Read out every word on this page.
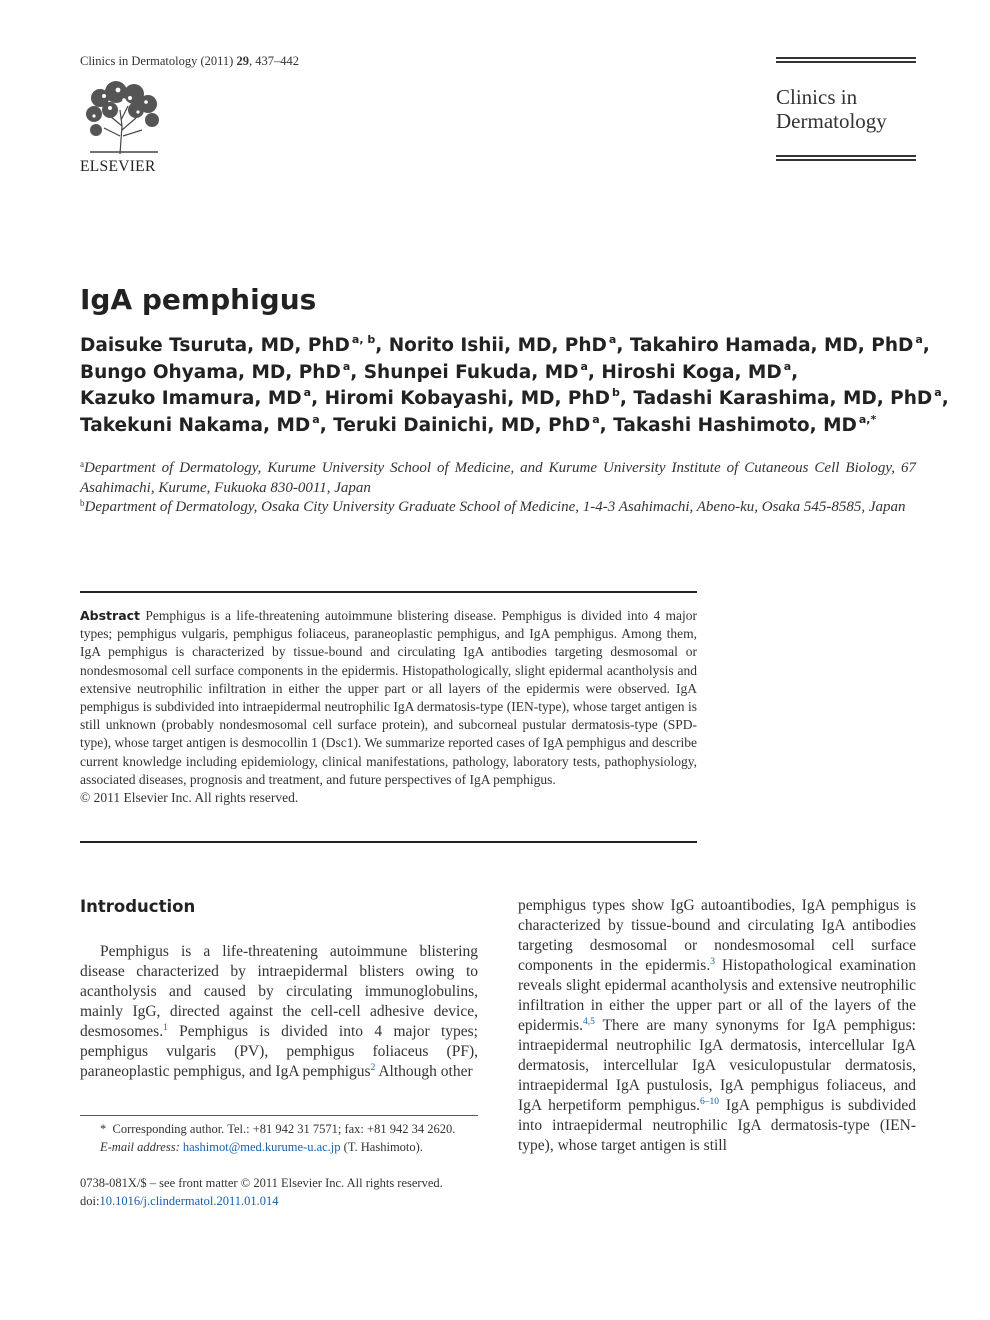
Clinics in Dermatology (2011) 29, 437–442
ELSEVIER
Clinics in
Dermatology
IgA pemphigus
Daisuke Tsuruta, MD, PhD $^{a, b}$, Norito Ishii, MD, PhD $^a$, Takahiro Hamada, MD, PhD $^a$,
Bungo Ohyama, MD, PhD $^a$, Shunpei Fukuda, MD $^a$, Hiroshi Koga, MD $^a$,
Kazuko Imamura, MD $^a$, Hiromi Kobayashi, MD, PhD $^b$, Tadashi Karashima, MD, PhD $^a$,
Takekuni Nakama, MD $^a$, Teruki Dainichi, MD, PhD $^a$, Takashi Hashimoto, MD $^{a,*}$
$^a$Department of Dermatology, Kurume University School of Medicine, and Kurume University Institute of Cutaneous Cell Biology, 67 Asahimachi, Kurume, Fukuoka 830-0011, Japan
$^b$Department of Dermatology, Osaka City University Graduate School of Medicine, 1-4-3 Asahimachi, Abeno-ku, Osaka 545-8585, Japan
Abstract Pemphigus is a life-threatening autoimmune blistering disease. Pemphigus is divided into 4 major types; pemphigus vulgaris, pemphigus foliaceus, paraneoplastic pemphigus, and IgA pemphigus. Among them, IgA pemphigus is characterized by tissue-bound and circulating IgA antibodies targeting desmosomal or nondesmosomal cell surface components in the epidermis. Histopathologically, slight epidermal acantholysis and extensive neutrophilic infiltration in either the upper part or all layers of the epidermis were observed. IgA pemphigus is subdivided into intraepidermal neutrophilic IgA dermatosis-type (IEN-type), whose target antigen is still unknown (probably nondesmosomal cell surface protein), and subcorneal pustular dermatosis-type (SPD-type), whose target antigen is desmocollin 1 (Dsc1). We summarize reported cases of IgA pemphigus and describe current knowledge including epidemiology, clinical manifestations, pathology, laboratory tests, pathophysiology, associated diseases, prognosis and treatment, and future perspectives of IgA pemphigus.
© 2011 Elsevier Inc. All rights reserved.
Introduction
Pemphigus is a life-threatening autoimmune blistering disease characterized by intraepidermal blisters owing to acantholysis and caused by circulating immunoglobulins, mainly IgG, directed against the cell-cell adhesive device, desmosomes.$^1$ Pemphigus is divided into 4 major types; pemphigus vulgaris (PV), pemphigus foliaceus (PF), paraneoplastic pemphigus, and IgA pemphigus$^2$ Although other
pemphigus types show IgG autoantibodies, IgA pemphigus is characterized by tissue-bound and circulating IgA antibodies targeting desmosomal or nondesmosomal cell surface components in the epidermis.$^3$ Histopathological examination reveals slight epidermal acantholysis and extensive neutrophilic infiltration in either the upper part or all of the layers of the epidermis.$^{4,5}$ There are many synonyms for IgA pemphigus: intraepidermal neutrophilic IgA dermatosis, intercellular IgA dermatosis, intercellular IgA vesiculopustular dermatosis, intraepidermal IgA pustulosis, IgA pemphigus foliaceus, and IgA herpetiform pemphigus.$^{6-10}$ IgA pemphigus is subdivided into intraepidermal neutrophilic IgA dermatosis-type (IEN-type), whose target antigen is still
* Corresponding author. Tel.: +81 942 31 7571; fax: +81 942 34 2620.
E-mail address: hashimot@med.kurume-u.ac.jp (T. Hashimoto).
0738-081X/$ – see front matter © 2011 Elsevier Inc. All rights reserved.
doi:10.1016/j.clindermatol.2011.01.014
